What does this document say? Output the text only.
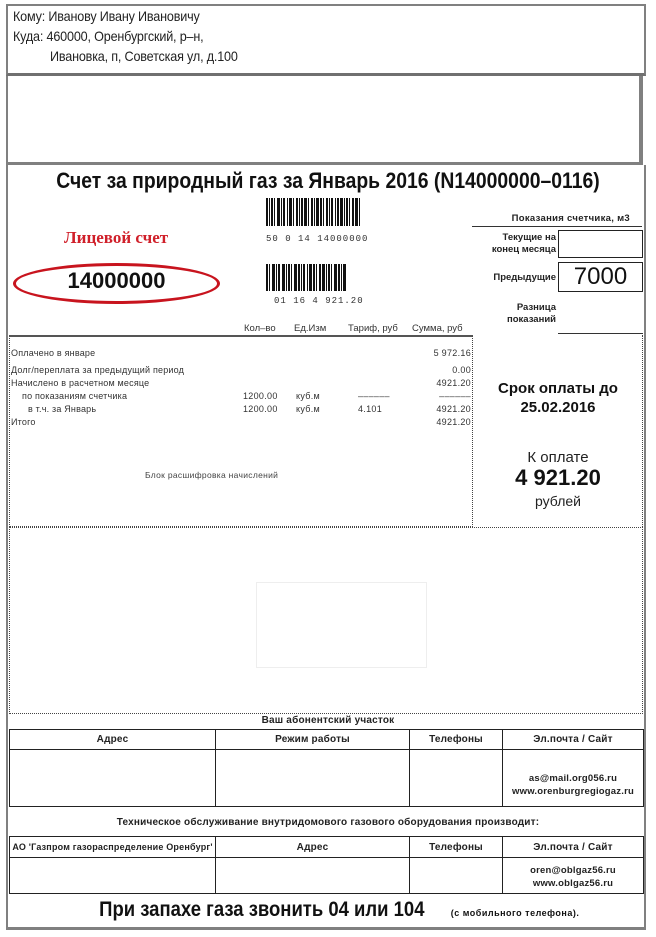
Кому: Иванову Ивану Ивановичу
Куда: 460000, Оренбургский, р–н,
Ивановка, п, Советская ул, д.100
Счет за природный газ за Январь 2016 (N14000000–0116)
50 0 14 14000000
01 16 4 921.20
Лицевой счет
14000000
Показания счетчика, м3
Текущие на
конец месяца
Предыдущие 7000
Разница
показаний
Кол–во Ед.Изм Тариф, руб Сумма, руб
Оплачено в январе	5 972.16
Долг/переплата за предыдущий период	0.00
Начислено в расчетном месяце	4921.20
по показаниям счетчика	1200.00 куб.м	––––––	––––––
в т.ч. за Январь	1200.00 куб.м	4.101	4921.20
Итого	4921.20
Блок расшифровка начислений
Срок оплаты до
25.02.2016
К оплате
4 921.20
рублей
Ваш абонентский участок
Адрес	Режим работы	Телефоны	Эл.почта / Сайт

			as@mail.org056.ru
www.orenburgregiogaz.ru
Техническое обслуживание внутридомового газового оборудования производит:
АО 'Газпром газораспределение Оренбург'	Адрес	Телефоны	Эл.почта / Сайт

			oren@oblgaz56.ru
www.oblgaz56.ru
При запахе газа звонить 04 или 104	(с мобильного телефона).
